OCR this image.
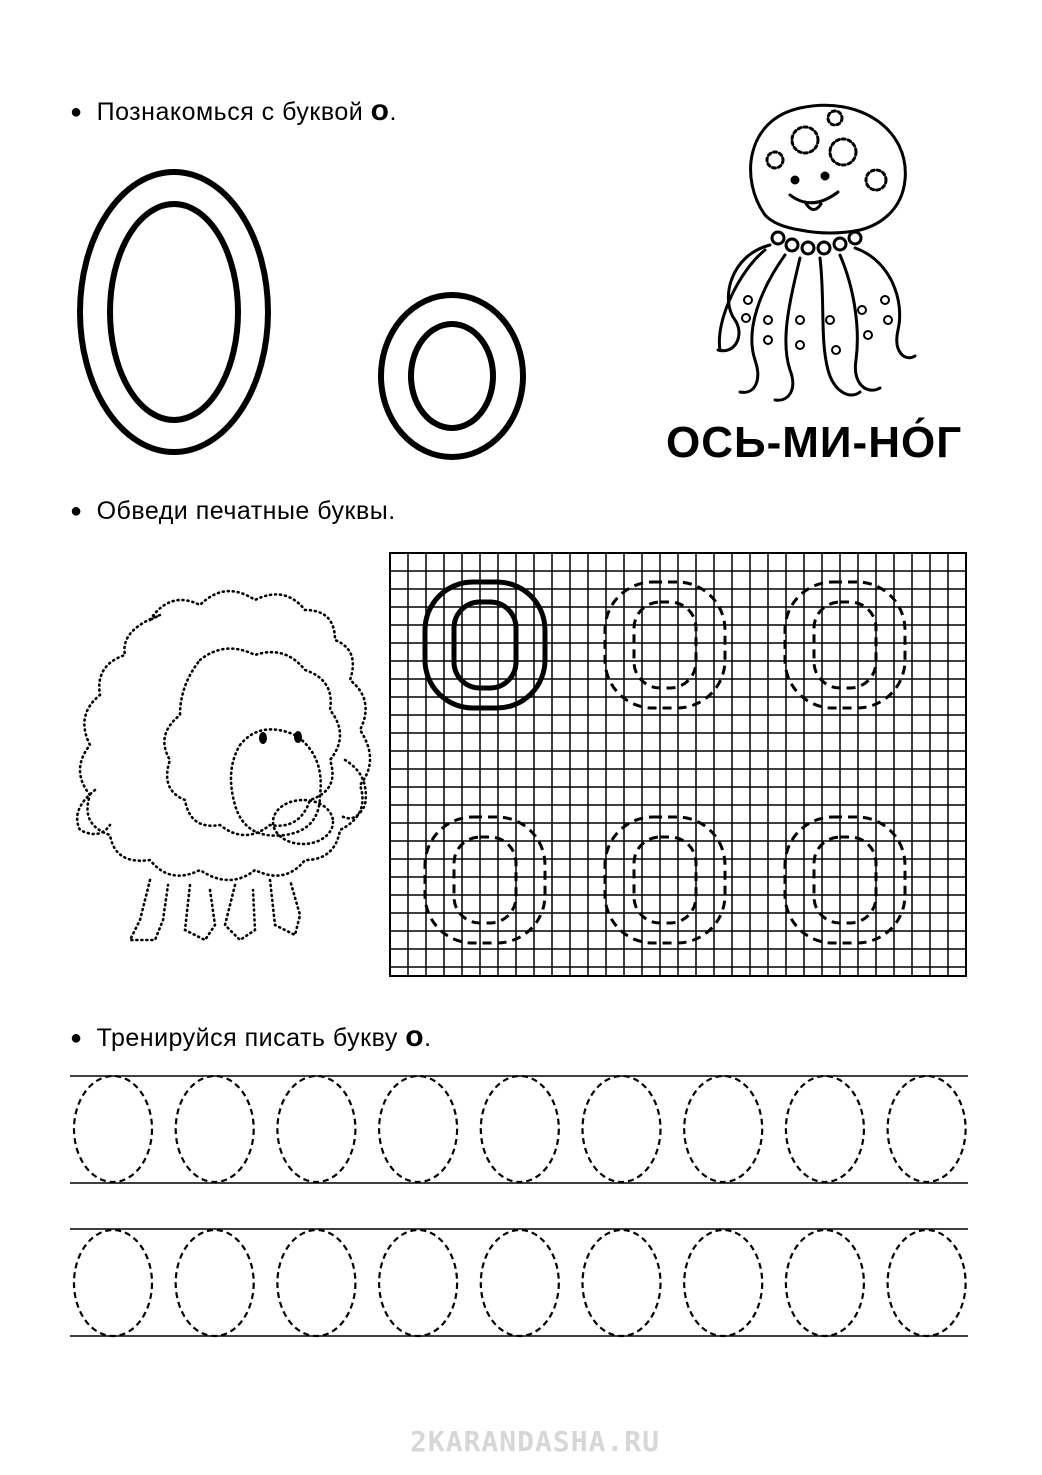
● Познакомься с буквой о.
ОСЬ-МИ-НО́Г
● Обведи печатные буквы.
● Тренируйся писать букву о.
2KARANDASHA.RU
